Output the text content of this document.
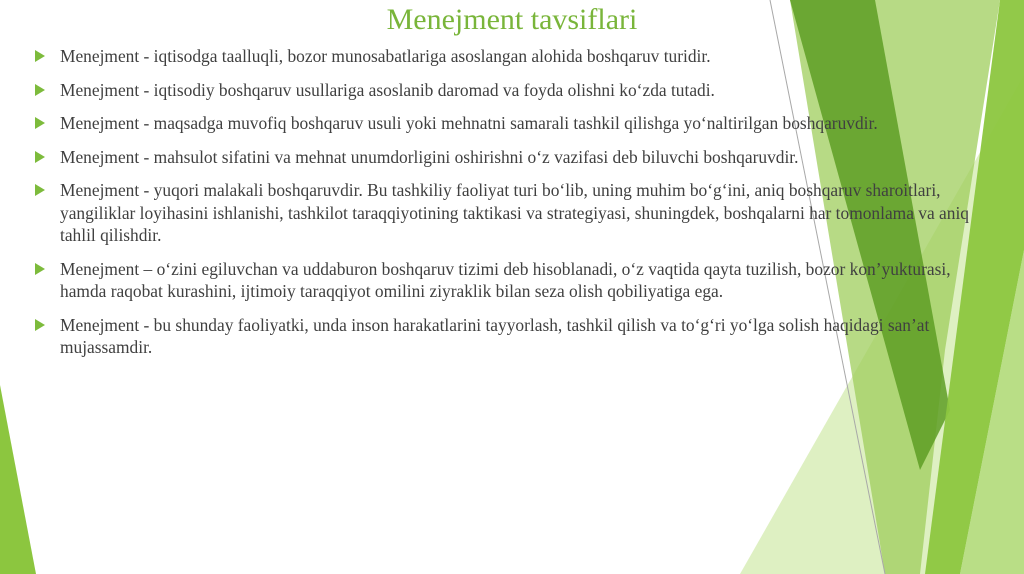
Menejment tavsiflari
Menejment - iqtisodga taalluqli, bozor munosabatlariga asoslangan alohida boshqaruv turidir.
Menejment - iqtisodiy boshqaruv usullariga asoslanib daromad va foyda olishni ko‘zda tutadi.
Menejment - maqsadga muvofiq boshqaruv usuli yoki mehnatni samarali tashkil qilishga yo‘naltirilgan boshqaruvdir.
Menejment - mahsulot sifatini va mehnat unumdorligini oshirishni o‘z vazifasi deb biluvchi boshqaruvdir.
Menejment - yuqori malakali boshqaruvdir. Bu tashkiliy faoliyat turi bo‘lib, uning muhim bo‘g‘ini, aniq boshqaruv sharoitlari, yangiliklar loyihasini ishlanishi, tashkilot taraqqiyotining taktikasi va strategiyasi, shuningdek, boshqalarni har tomonlama va aniq tahlil qilishdir.
Menejment – o‘zini egiluvchan va uddaburon boshqaruv tizimi deb hisoblanadi, o‘z vaqtida qayta tuzilish, bozor kon’yukturasi, hamda raqobat kurashini, ijtimoiy taraqqiyot omilini ziyraklik bilan seza olish qobiliyatiga ega.
Menejment - bu shunday faoliyatki, unda inson harakatlarini tayyorlash, tashkil qilish va to‘g‘ri yo‘lga solish haqidagi san’at mujassamdir.
